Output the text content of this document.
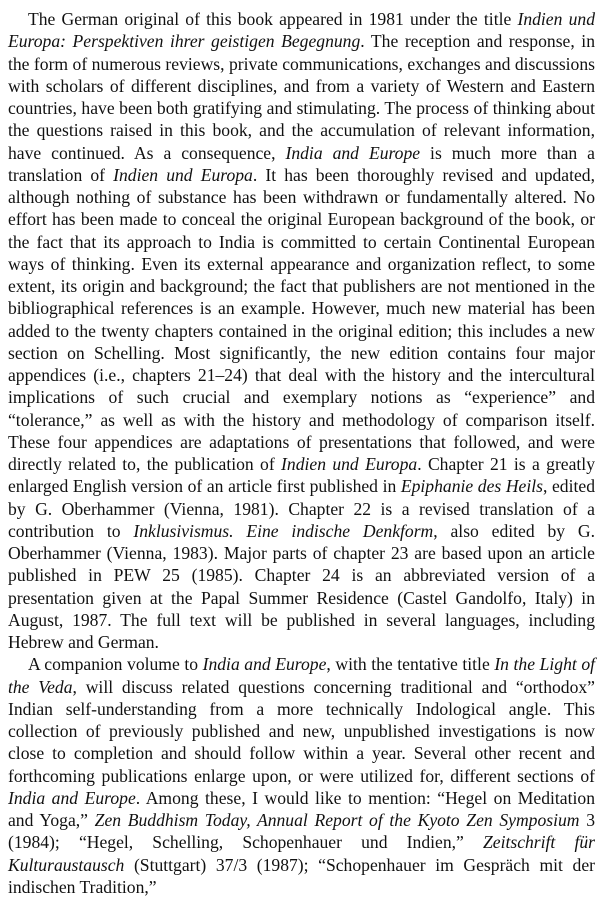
The German original of this book appeared in 1981 under the title Indien und Europa: Perspektiven ihrer geistigen Begegnung. The reception and response, in the form of numerous reviews, private communications, exchanges and discussions with scholars of different disciplines, and from a variety of Western and Eastern countries, have been both gratifying and stimulating. The process of thinking about the questions raised in this book, and the accumulation of relevant information, have continued. As a consequence, India and Europe is much more than a translation of Indien und Europa. It has been thoroughly revised and updated, although nothing of substance has been withdrawn or fundamentally altered. No effort has been made to conceal the original European background of the book, or the fact that its approach to India is committed to certain Continental European ways of thinking. Even its external appearance and organization reflect, to some extent, its origin and background; the fact that publishers are not mentioned in the bibliographical references is an example. However, much new material has been added to the twenty chapters contained in the original edition; this includes a new section on Schelling. Most significantly, the new edition contains four major appendices (i.e., chapters 21–24) that deal with the history and the intercultural implications of such crucial and exemplary notions as “experience” and “tolerance,” as well as with the history and methodology of comparison itself. These four appendices are adaptations of presentations that followed, and were directly related to, the publication of Indien und Europa. Chapter 21 is a greatly enlarged English version of an article first published in Epiphanie des Heils, edited by G. Oberhammer (Vienna, 1981). Chapter 22 is a revised translation of a contribution to Inklusivismus. Eine indische Denkform, also edited by G. Oberhammer (Vienna, 1983). Major parts of chapter 23 are based upon an article published in PEW 25 (1985). Chapter 24 is an abbreviated version of a presentation given at the Papal Summer Residence (Castel Gandolfo, Italy) in August, 1987. The full text will be published in several languages, including Hebrew and German.

A companion volume to India and Europe, with the tentative title In the Light of the Veda, will discuss related questions concerning traditional and “orthodox” Indian self-understanding from a more technically Indological angle. This collection of previously published and new, unpublished investigations is now close to completion and should follow within a year. Several other recent and forthcoming publications enlarge upon, or were utilized for, different sections of India and Europe. Among these, I would like to mention: “Hegel on Meditation and Yoga,” Zen Buddhism Today, Annual Report of the Kyoto Zen Symposium 3 (1984); “Hegel, Schelling, Schopenhauer und Indien,” Zeitschrift für Kulturaustausch (Stuttgart) 37/3 (1987); “Schopenhauer im Gespräch mit der indischen Tradition,”
